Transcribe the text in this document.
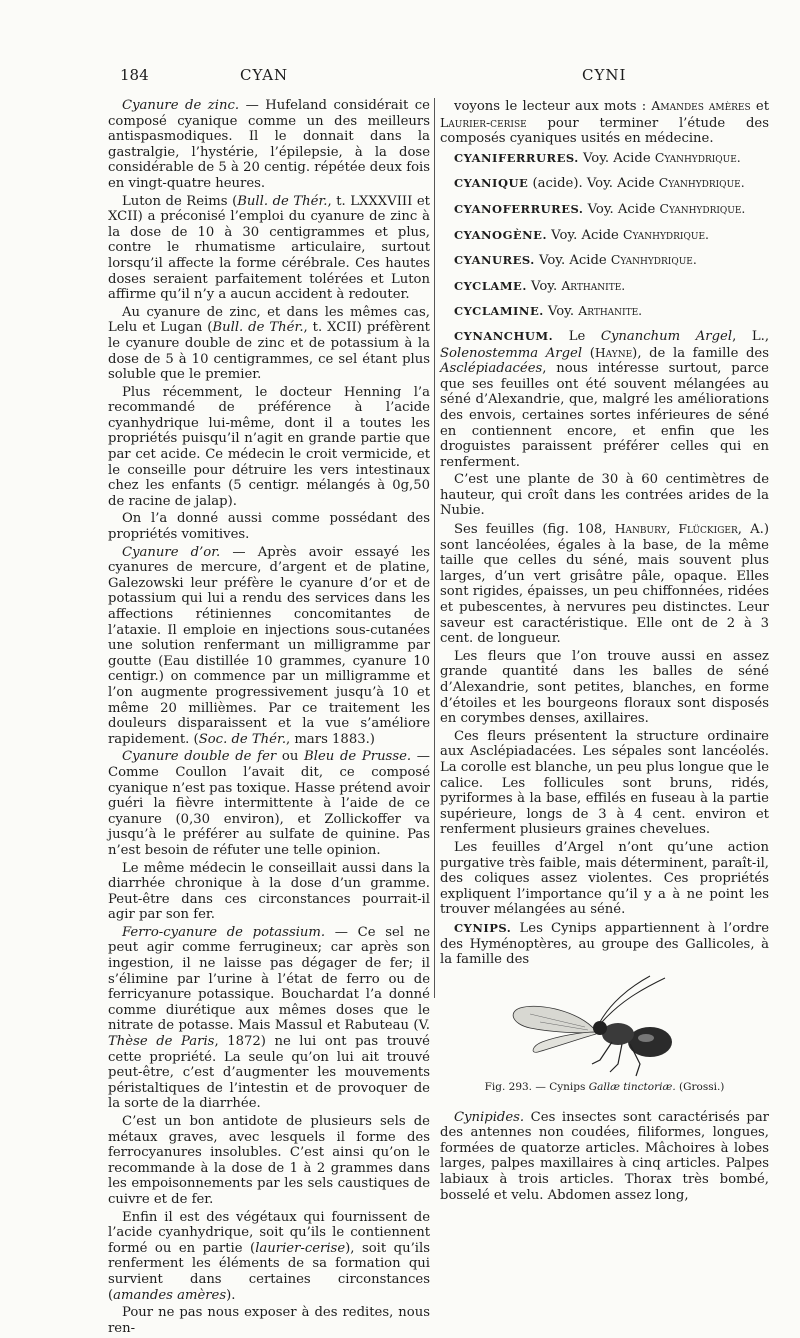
184	CYAN	CYNI

Cyanure de zinc. — Hufeland considérait ce composé cyanique comme un des meilleurs antispasmodiques. Il le donnait dans la gastralgie, l’hystérie, l’épilepsie, à la dose considérable de 5 à 20 centig. répétée deux fois en vingt-quatre heures.

Luton de Reims (Bull. de Thér., t. LXXXVIII et XCII) a préconisé l’emploi du cyanure de zinc à la dose de 10 à 30 centigrammes et plus, contre le rhumatisme articulaire, surtout lorsqu’il affecte la forme cérébrale. Ces hautes doses seraient parfaitement tolérées et Luton affirme qu’il n’y a aucun accident à redouter.

Au cyanure de zinc, et dans les mêmes cas, Lelu et Lugan (Bull. de Thér., t. XCII) préfèrent le cyanure double de zinc et de potassium à la dose de 5 à 10 centigrammes, ce sel étant plus soluble que le premier.

Plus récemment, le docteur Henning l’a recommandé de préférence à l’acide cyanhydrique lui-même, dont il a toutes les propriétés puisqu’il n’agit en grande partie que par cet acide. Ce médecin le croit vermicide, et le conseille pour détruire les vers intestinaux chez les enfants (5 centigr. mélangés à 0g,50 de racine de jalap).

On l’a donné aussi comme possédant des propriétés vomitives.

Cyanure d’or. — Après avoir essayé les cyanures de mercure, d’argent et de platine, Galezowski leur préfère le cyanure d’or et de potassium qui lui a rendu des services dans les affections rétiniennes concomitantes de l’ataxie. Il emploie en injections sous-cutanées une solution renfermant un milligramme par goutte (Eau distillée 10 grammes, cyanure 10 centigr.) on commence par un milligramme et l’on augmente progressivement jusqu’à 10 et même 20 millièmes. Par ce traitement les douleurs disparaissent et la vue s’améliore rapidement. (Soc. de Thér., mars 1883.)

Cyanure double de fer ou Bleu de Prusse. — Comme Coullon l’avait dit, ce composé cyanique n’est pas toxique. Hasse prétend avoir guéri la fièvre intermittente à l’aide de ce cyanure (0,30 environ), et Zollickoffer va jusqu’à le préférer au sulfate de quinine. Pas n’est besoin de réfuter une telle opinion.

Le même médecin le conseillait aussi dans la diarrhée chronique à la dose d’un gramme. Peut-être dans ces circonstances pourrait-il agir par son fer.

Ferro-cyanure de potassium. — Ce sel ne peut agir comme ferrugineux; car après son ingestion, il ne laisse pas dégager de fer; il s’élimine par l’urine à l’état de ferro ou de ferricyanure potassique. Bouchardat l’a donné comme diurétique aux mêmes doses que le nitrate de potasse. Mais Massul et Rabuteau (V. Thèse de Paris, 1872) ne lui ont pas trouvé cette propriété. La seule qu’on lui ait trouvé peut-être, c’est d’augmenter les mouvements péristaltiques de l’intestin et de provoquer de la sorte de la diarrhée.

C’est un bon antidote de plusieurs sels de métaux graves, avec lesquels il forme des ferrocyanures insolubles. C’est ainsi qu’on le recommande à la dose de 1 à 2 grammes dans les empoisonnements par les sels caustiques de cuivre et de fer.

Enfin il est des végétaux qui fournissent de l’acide cyanhydrique, soit qu’ils le contiennent formé ou en partie (laurier-cerise), soit qu’ils renferment les éléments de sa formation qui survient dans certaines circonstances (amandes amères).

Pour ne pas nous exposer à des redites, nous ren-

voyons le lecteur aux mots : Amandes amères et Laurier-cerise pour terminer l’étude des composés cyaniques usités en médecine.

CYANIFERRURES. Voy. Acide Cyanhydrique.

CYANIQUE (acide). Voy. Acide Cyanhydrique.

CYANOFERRURES. Voy. Acide Cyanhydrique.

CYANOGÈNE. Voy. Acide Cyanhydrique.

CYANURES. Voy. Acide Cyanhydrique.

CYCLAME. Voy. Arthanite.

CYCLAMINE. Voy. Arthanite.

CYNANCHUM. Le Cynanchum Argel, L., Solenostemma Argel (Hayne), de la famille des Asclépiadacées, nous intéresse surtout, parce que ses feuilles ont été souvent mélangées au séné d’Alexandrie, que, malgré les améliorations des envois, certaines sortes inférieures de séné en contiennent encore, et enfin que les droguistes paraissent préférer celles qui en renferment.

C’est une plante de 30 à 60 centimètres de hauteur, qui croît dans les contrées arides de la Nubie.

Ses feuilles (fig. 108, Hanbury, Flückiger, A.) sont lancéolées, égales à la base, de la même taille que celles du séné, mais souvent plus larges, d’un vert grisâtre pâle, opaque. Elles sont rigides, épaisses, un peu chiffonnées, ridées et pubescentes, à nervures peu distinctes. Leur saveur est caractéristique. Elle ont de 2 à 3 cent. de longueur.

Les fleurs que l’on trouve aussi en assez grande quantité dans les balles de séné d’Alexandrie, sont petites, blanches, en forme d’étoiles et les bourgeons floraux sont disposés en corymbes denses, axillaires.

Ces fleurs présentent la structure ordinaire aux Asclépiadacées. Les sépales sont lancéolés. La corolle est blanche, un peu plus longue que le calice. Les follicules sont bruns, ridés, pyriformes à la base, effilés en fuseau à la partie supérieure, longs de 3 à 4 cent. environ et renferment plusieurs graines chevelues.

Les feuilles d’Argel n’ont qu’une action purgative très faible, mais déterminent, paraît-il, des coliques assez violentes. Ces propriétés expliquent l’importance qu’il y a à ne point les trouver mélangées au séné.

CYNIPS. Les Cynips appartiennent à l’ordre des Hyménoptères, au groupe des Gallicoles, à la famille des

Fig. 293. — Cynips Gallæ tinctoriæ. (Grossi.)

Cynipides. Ces insectes sont caractérisés par des antennes non coudées, filiformes, longues, formées de quatorze articles. Mâchoires à lobes larges, palpes maxillaires à cinq articles. Palpes labiaux à trois articles. Thorax très bombé, bosselé et velu. Abdomen assez long,
